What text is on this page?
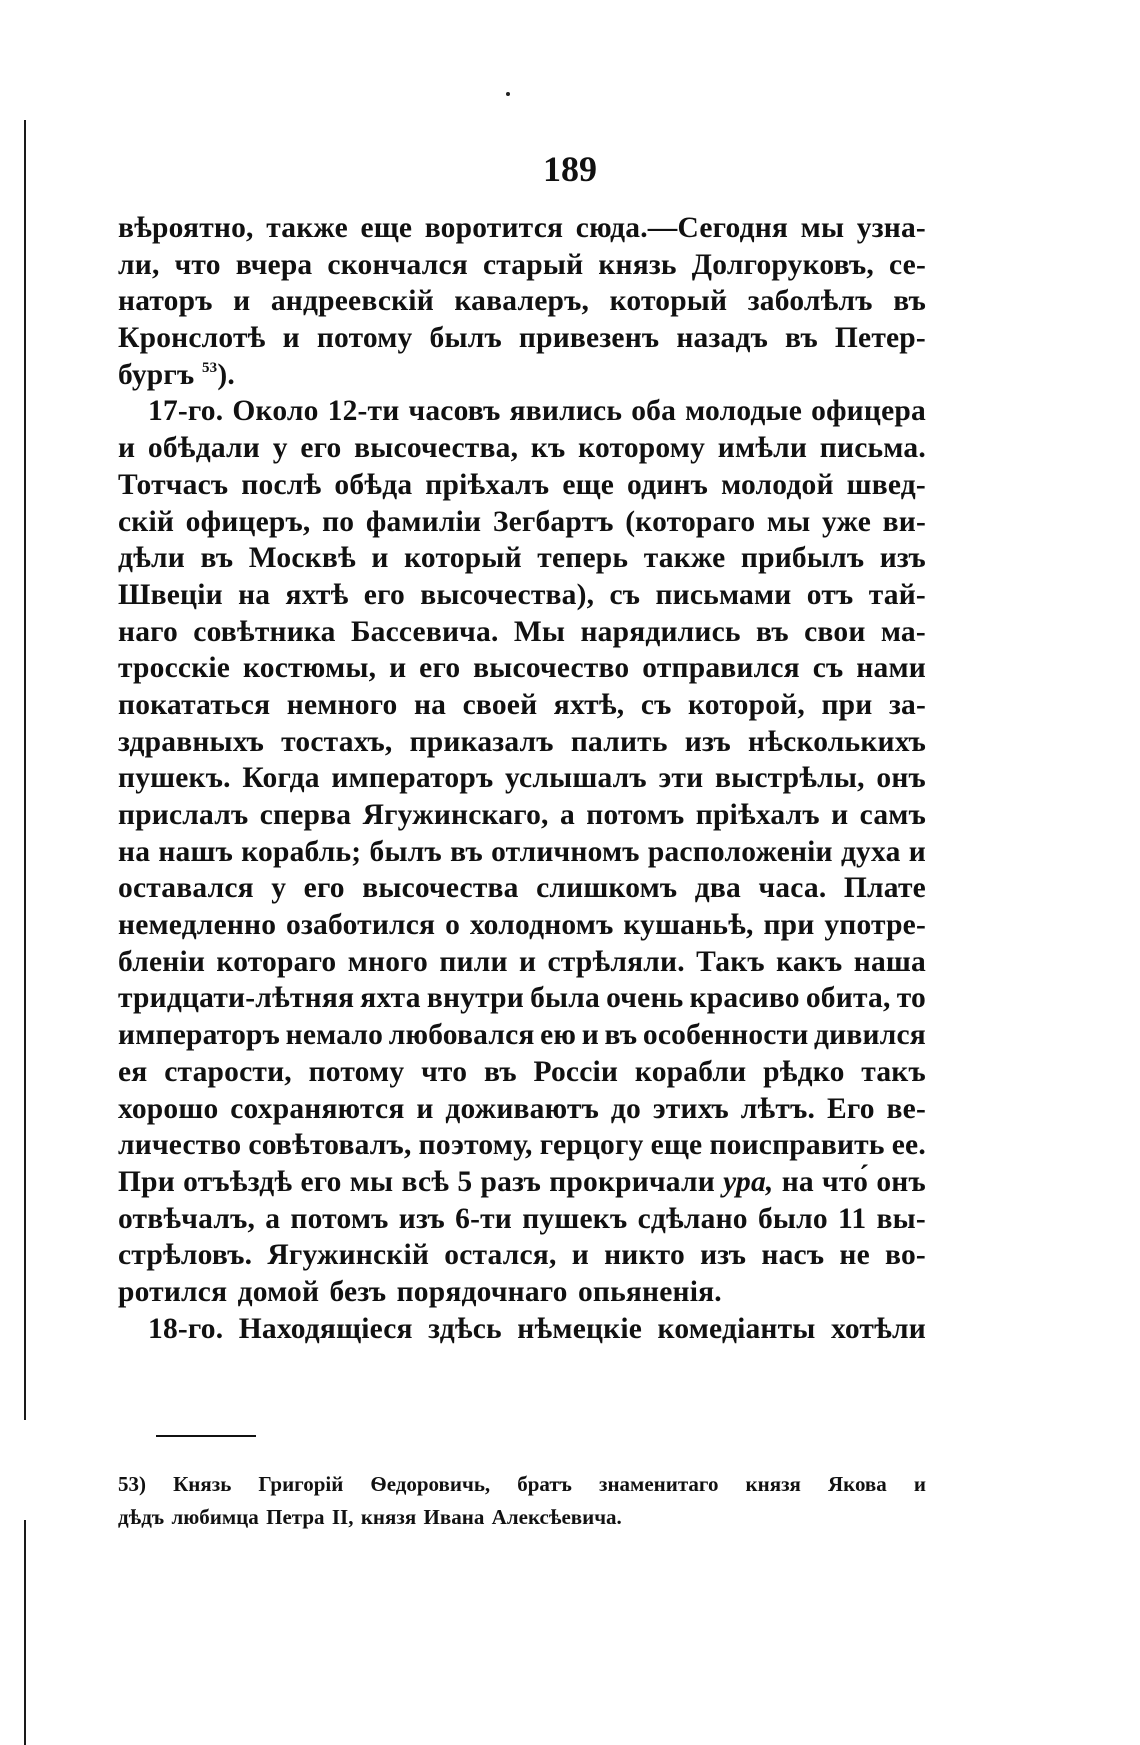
189
вѣроятно, также еще воротится сюда.—Сегодня мы узна-
ли, что вчера скончался старый князь Долгоруковъ, се-
наторъ и андреевскій кавалеръ, который заболѣлъ въ
Кронслотѣ и потому былъ привезенъ назадъ въ Петер-
бургъ $^{53}$).
17-го. Около 12-ти часовъ явились оба молодые офицера
и обѣдали у его высочества, къ которому имѣли письма.
Тотчасъ послѣ обѣда пріѣхалъ еще одинъ молодой швед-
скій офицеръ, по фамиліи Зегбартъ (котораго мы уже ви-
дѣли въ Москвѣ и который теперь также прибылъ изъ
Швеціи на яхтѣ его высочества), съ письмами отъ тай-
наго совѣтника Бассевича. Мы нарядились въ свои ма-
тросскіе костюмы, и его высочество отправился съ нами
покататься немного на своей яхтѣ, съ которой, при за-
здравныхъ тостахъ, приказалъ палить изъ нѣсколькихъ
пушекъ. Когда императоръ услышалъ эти выстрѣлы, онъ
прислалъ сперва Ягужинскаго, а потомъ пріѣхалъ и самъ
на нашъ корабль; былъ въ отличномъ расположеніи духа и
оставался у его высочества слишкомъ два часа. Плате
немедленно озаботился о холодномъ кушаньѣ, при употре-
бленіи котораго много пили и стрѣляли. Такъ какъ наша
тридцати-лѣтняя яхта внутри была очень красиво обита, то
императоръ немало любовался ею и въ особенности дивился
ея старости, потому что въ Россіи корабли рѣдко такъ
хорошо сохраняются и доживаютъ до этихъ лѣтъ. Его ве-
личество совѣтовалъ, поэтому, герцогу еще поисправить ее.
При отъѣздѣ его мы всѣ 5 разъ прокричали ура, на что́ онъ
отвѣчалъ, а потомъ изъ 6-ти пушекъ сдѣлано было 11 вы-
стрѣловъ. Ягужинскій остался, и никто изъ насъ не во-
ротился домой безъ порядочнаго опьяненія.
18-го. Находящіеся здѣсь нѣмецкіе комедіанты хотѣли
53) Князь Григорій Ѳедоровичь, братъ знаменитаго князя Якова и
дѣдъ любимца Петра II, князя Ивана Алексѣевича.
